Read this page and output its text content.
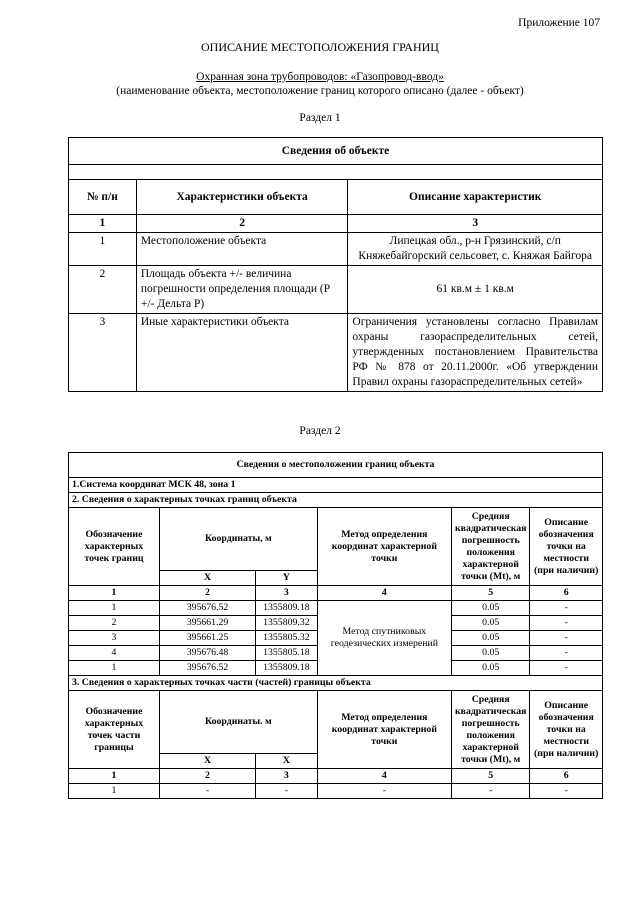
Приложение 107
ОПИСАНИЕ МЕСТОПОЛОЖЕНИЯ ГРАНИЦ
Охранная зона трубопроводов: «Газопровод-ввод»
(наименование объекта, местоположение границ которого описано (далее - объект)
Раздел 1
Сведения об объекте		

№ п/н	Характеристики объекта	Описание характеристик
1	2	3
1	Местоположение объекта	Липецкая обл., р-н Грязинский, с/п Княжебайгорский сельсовет, с. Княжая Байгора
2	Площадь объекта +/- величина погрешности определения площади (Р +/- Дельта Р)	61 кв.м ± 1 кв.м
3	Иные характеристики объекта	Ограничения установлены согласно Правилам охраны газораспределительных сетей, утвержденных постановлением Правительства РФ № 878 от 20.11.2000г. «Об утверждении Правил охраны газораспределительных сетей»
Раздел 2
Сведения о местоположении границ объекта					
1.Система координат МСК 48, зона 1					
2. Сведения о характерных точках границ объекта					
Обозначение характерных точек границ	Координаты, м		Метод определения координат характерной точки	Средняя квадратическая погрешность положения характерной точки (Mt), м	Описание обозначения точки на местности (при наличии)
	X	Y			
1	2	3	4	5	6
1	395676.52	1355809.18	Метод спутниковых геодезических измерений	0.05	-
2	395661.29	1355809.32		0.05	-
3	395661.25	1355805.32		0.05	-
4	395676.48	1355805.18		0.05	-
1	395676.52	1355809.18		0.05	-
3. Сведения о характерных точках части (частей) границы объекта					
Обозначение характерных точек части границы	Координаты. м		Метод определения координат характерной точки	Средняя квадратическая погрешность положения характерной точки (Mt), м	Описание обозначения точки на местности (при наличии)
	X	X			
1	2	3	4	5	6
1	-	-	-	-	-
